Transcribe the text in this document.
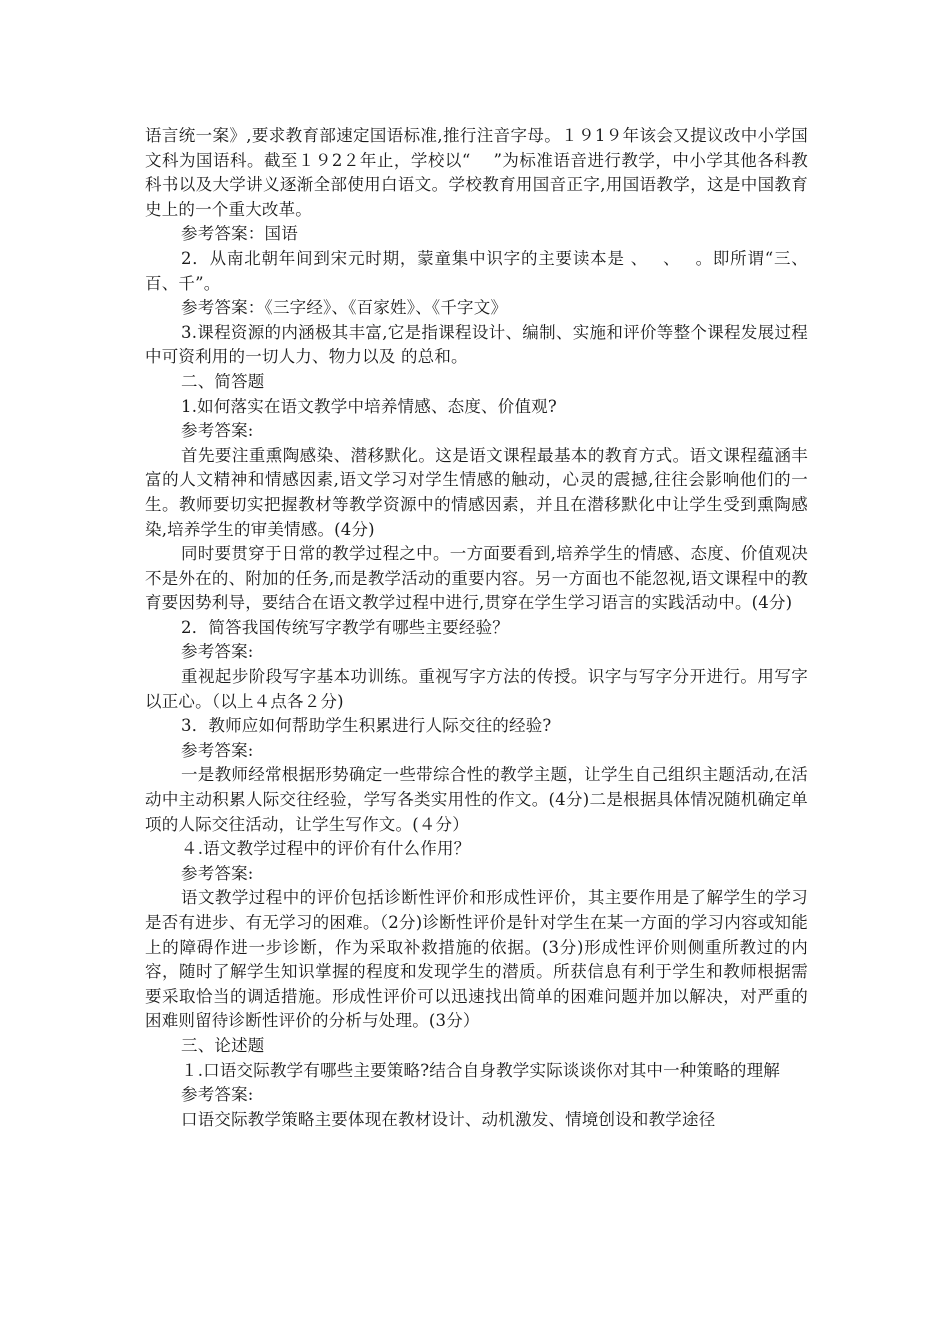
语言统一案》,要求教育部速定国语标准,推行注音字母。１９1９年该会又提议改中小学国文科为国语科。截至１９2２年止，学校以“　 ”为标准语音进行教学，中小学其他各科教科书以及大学讲义逐渐全部使用白语文。学校教育用国音正字,用国语教学，这是中国教育史上的一个重大改革。

参考答案：国语

2．从南北朝年间到宋元时期，蒙童集中识字的主要读本是 、　 、　 。即所谓“三、百、千”。

参考答案：《三字经》、《百家姓》、《千字文》

3.课程资源的内涵极其丰富,它是指课程设计、编制、实施和评价等整个课程发展过程中可资利用的一切人力、物力以及 的总和。

二、简答题

1.如何落实在语文教学中培养情感、态度、价值观?

参考答案:

首先要注重熏陶感染、潜移默化。这是语文课程最基本的教育方式。语文课程蕴涵丰富的人文精神和情感因素,语文学习对学生情感的触动，心灵的震撼,往往会影响他们的一生。教师要切实把握教材等教学资源中的情感因素，并且在潜移默化中让学生受到熏陶感染,培养学生的审美情感。(4分)

同时要贯穿于日常的教学过程之中。一方面要看到,培养学生的情感、态度、价值观决不是外在的、附加的任务,而是教学活动的重要内容。另一方面也不能忽视,语文课程中的教育要因势利导，要结合在语文教学过程中进行,贯穿在学生学习语言的实践活动中。(4分)

2．简答我国传统写字教学有哪些主要经验？

参考答案:

重视起步阶段写字基本功训练。重视写字方法的传授。识字与写字分开进行。用写字以正心。（以上４点各２分)

3．教师应如何帮助学生积累进行人际交往的经验?

参考答案:

一是教师经常根据形势确定一些带综合性的教学主题，让学生自己组织主题活动,在活动中主动积累人际交往经验，学写各类实用性的作文。(4分)二是根据具体情况随机确定单项的人际交往活动，让学生写作文。(４分）

４.语文教学过程中的评价有什么作用？

参考答案:

语文教学过程中的评价包括诊断性评价和形成性评价，其主要作用是了解学生的学习是否有进步、有无学习的困难。（2分)诊断性评价是针对学生在某一方面的学习内容或知能上的障碍作进一步诊断，作为采取补救措施的依据。(3分)形成性评价则侧重所教过的内容，随时了解学生知识掌握的程度和发现学生的潜质。所获信息有利于学生和教师根据需要采取恰当的调适措施。形成性评价可以迅速找出简单的困难问题并加以解决，对严重的困难则留待诊断性评价的分析与处理。(3分）

三、论述题

１.口语交际教学有哪些主要策略?结合自身教学实际谈谈你对其中一种策略的理解

参考答案:

口语交际教学策略主要体现在教材设计、动机激发、情境创设和教学途径
